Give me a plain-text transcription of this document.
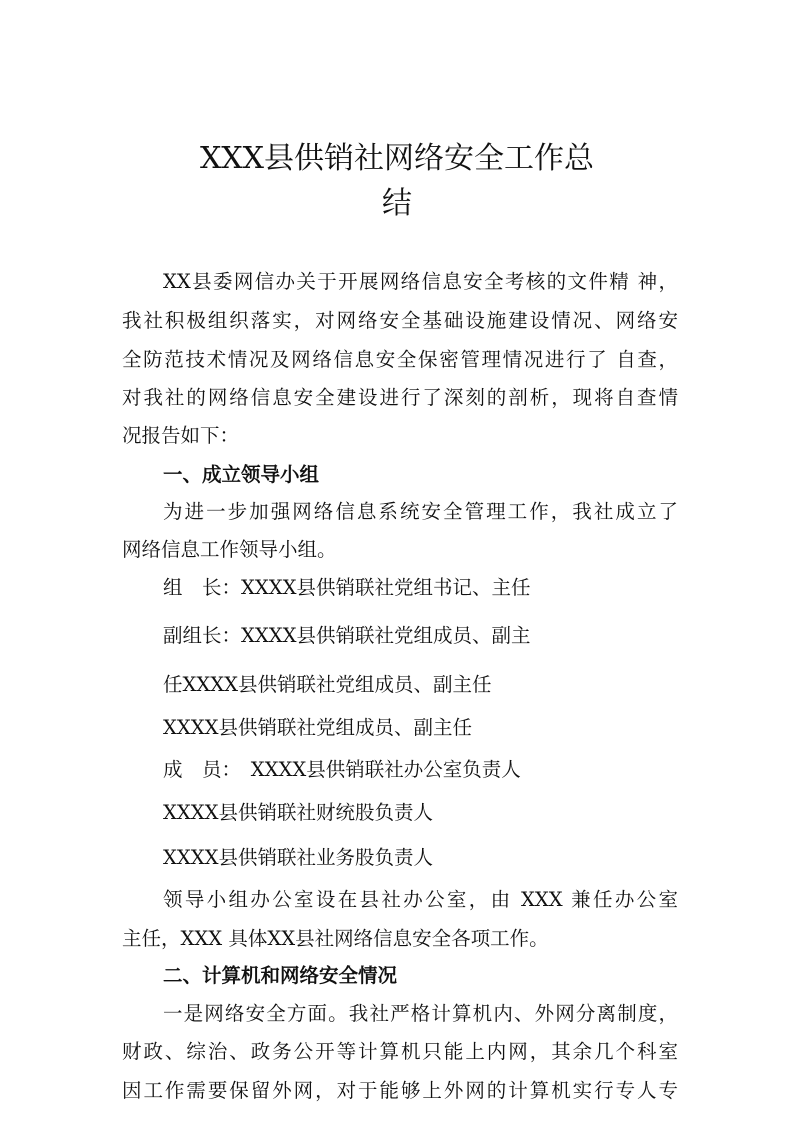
XXX县供销社网络安全工作总
结
XX县委网信办关于开展网络信息安全考核的文件精 神，
我社积极组织落实，对网络安全基础设施建设情况、网络安
全防范技术情况及网络信息安全保密管理情况进行了 自查，
对我社的网络信息安全建设进行了深刻的剖析，现将自查情
况报告如下：
一、成立领导小组
为进一步加强网络信息系统安全管理工作，我社成立了
网络信息工作领导小组。
组　长：XXXX县供销联社党组书记、主任
副组长：XXXX县供销联社党组成员、副主
任XXXX县供销联社党组成员、副主任
XXXX县供销联社党组成员、副主任
成　员：　XXXX县供销联社办公室负责人
XXXX县供销联社财统股负责人
XXXX县供销联社业务股负责人
领导小组办公室设在县社办公室，由 XXX 兼任办公室
主任，XXX 具体XX县社网络信息安全各项工作。
二、计算机和网络安全情况
一是网络安全方面。我社严格计算机内、外网分离制度，
财政、综治、政务公开等计算机只能上内网，其余几个科室
因工作需要保留外网，对于能够上外网的计算机实行专人专
